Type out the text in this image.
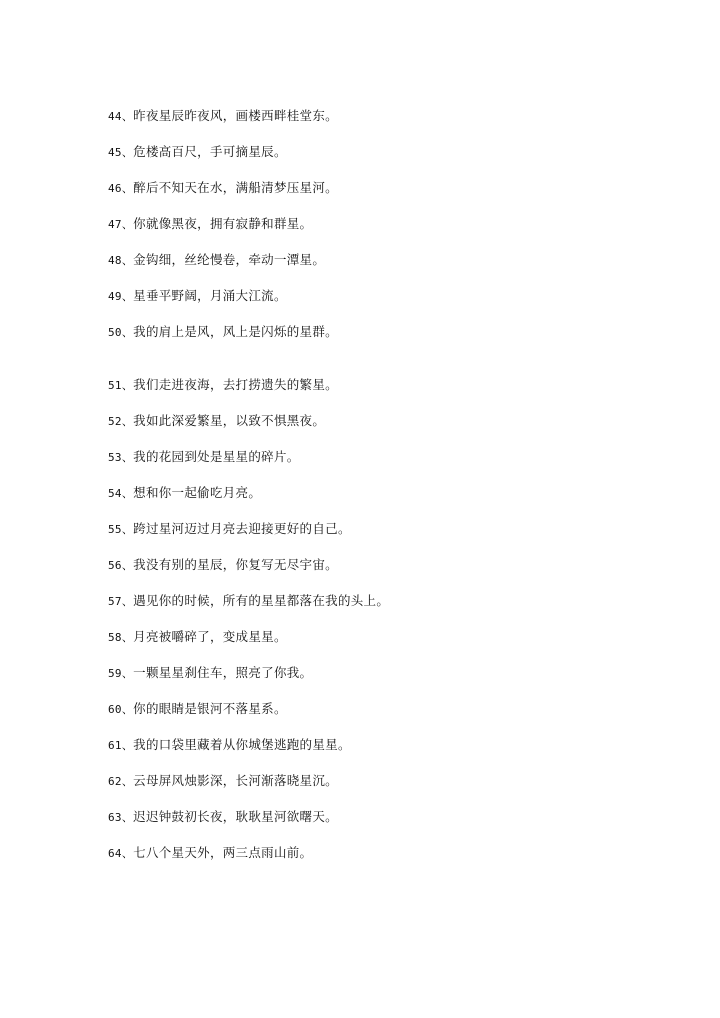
44、昨夜星辰昨夜风，画楼西畔桂堂东。
45、危楼高百尺，手可摘星辰。
46、醉后不知天在水，满船清梦压星河。
47、你就像黑夜，拥有寂静和群星。
48、金钩细，丝纶慢卷，牵动一潭星。
49、星垂平野阔，月涌大江流。
50、我的肩上是风，风上是闪烁的星群。
51、我们走进夜海，去打捞遗失的繁星。
52、我如此深爱繁星，以致不惧黑夜。
53、我的花园到处是星星的碎片。
54、想和你一起偷吃月亮。
55、跨过星河迈过月亮去迎接更好的自己。
56、我没有别的星辰，你复写无尽宇宙。
57、遇见你的时候，所有的星星都落在我的头上。
58、月亮被嚼碎了，变成星星。
59、一颗星星刹住车，照亮了你我。
60、你的眼睛是银河不落星系。
61、我的口袋里藏着从你城堡逃跑的星星。
62、云母屏风烛影深，长河渐落晓星沉。
63、迟迟钟鼓初长夜，耿耿星河欲曙天。
64、七八个星天外，两三点雨山前。
